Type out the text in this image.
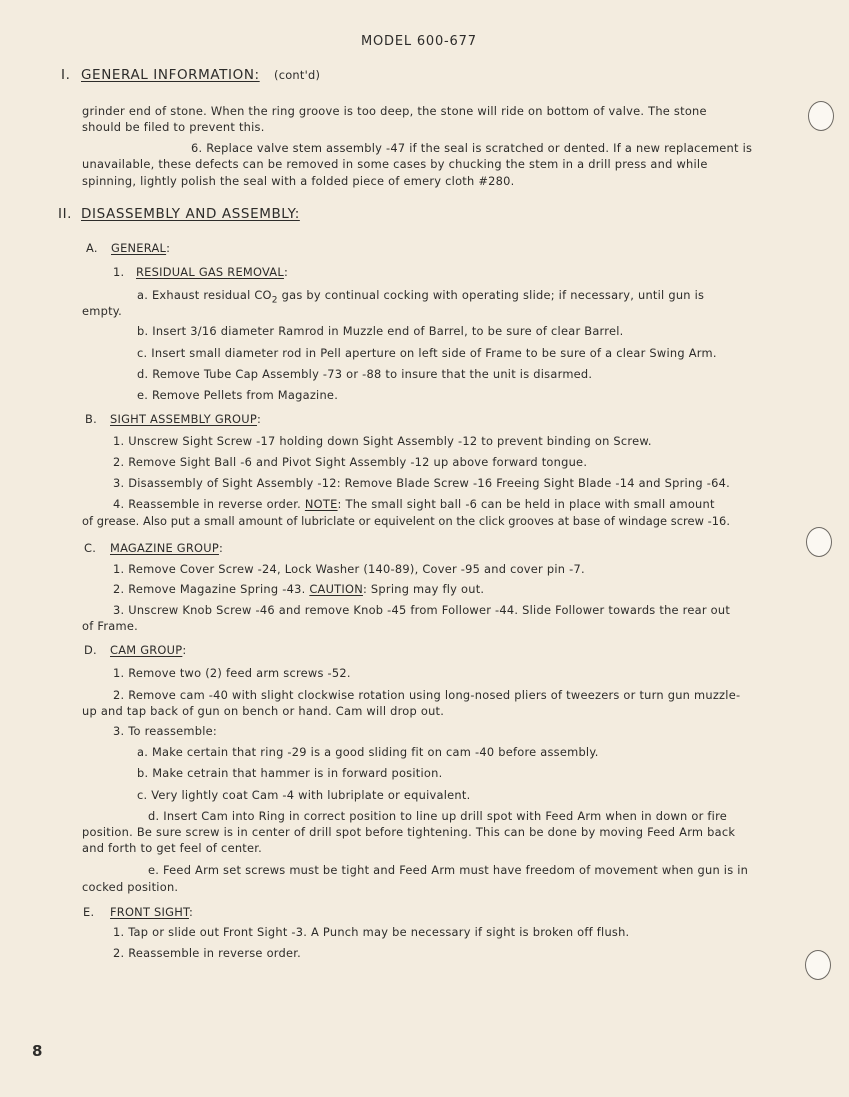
MODEL 600-677
I. GENERAL INFORMATION: (cont'd)
grinder end of stone. When the ring groove is too deep, the stone will ride on bottom of valve. The stone
should be filed to prevent this.
6. Replace valve stem assembly -47 if the seal is scratched or dented. If a new replacement is
unavailable, these defects can be removed in some cases by chucking the stem in a drill press and while
spinning, lightly polish the seal with a folded piece of emery cloth #280.
II. DISASSEMBLY AND ASSEMBLY:
A. GENERAL:
1. RESIDUAL GAS REMOVAL:
a. Exhaust residual $CO_2$ gas by continual cocking with operating slide; if necessary, until gun is
empty.
b. Insert 3/16 diameter Ramrod in Muzzle end of Barrel, to be sure of clear Barrel.
c. Insert small diameter rod in Pell aperture on left side of Frame to be sure of a clear Swing Arm.
d. Remove Tube Cap Assembly -73 or -88 to insure that the unit is disarmed.
e. Remove Pellets from Magazine.
B. SIGHT ASSEMBLY GROUP:
1. Unscrew Sight Screw -17 holding down Sight Assembly -12 to prevent binding on Screw.
2. Remove Sight Ball -6 and Pivot Sight Assembly -12 up above forward tongue.
3. Disassembly of Sight Assembly -12: Remove Blade Screw -16 Freeing Sight Blade -14 and Spring -64.
4. Reassemble in reverse order. NOTE: The small sight ball -6 can be held in place with small amount
of grease. Also put a small amount of lubriclate or equivelent on the click grooves at base of windage screw -16.
C. MAGAZINE GROUP:
1. Remove Cover Screw -24, Lock Washer (140-89), Cover -95 and cover pin -7.
2. Remove Magazine Spring -43. CAUTION: Spring may fly out.
3. Unscrew Knob Screw -46 and remove Knob -45 from Follower -44. Slide Follower towards the rear out
of Frame.
D. CAM GROUP:
1. Remove two (2) feed arm screws -52.
2. Remove cam -40 with slight clockwise rotation using long-nosed pliers of tweezers or turn gun muzzle-
up and tap back of gun on bench or hand. Cam will drop out.
3. To reassemble:
a. Make certain that ring -29 is a good sliding fit on cam -40 before assembly.
b. Make cetrain that hammer is in forward position.
c. Very lightly coat Cam -4 with lubriplate or equivalent.
d. Insert Cam into Ring in correct position to line up drill spot with Feed Arm when in down or fire
position. Be sure screw is in center of drill spot before tightening. This can be done by moving Feed Arm back
and forth to get feel of center.
e. Feed Arm set screws must be tight and Feed Arm must have freedom of movement when gun is in
cocked position.
E. FRONT SIGHT:
1. Tap or slide out Front Sight -3. A Punch may be necessary if sight is broken off flush.
2. Reassemble in reverse order.
8
